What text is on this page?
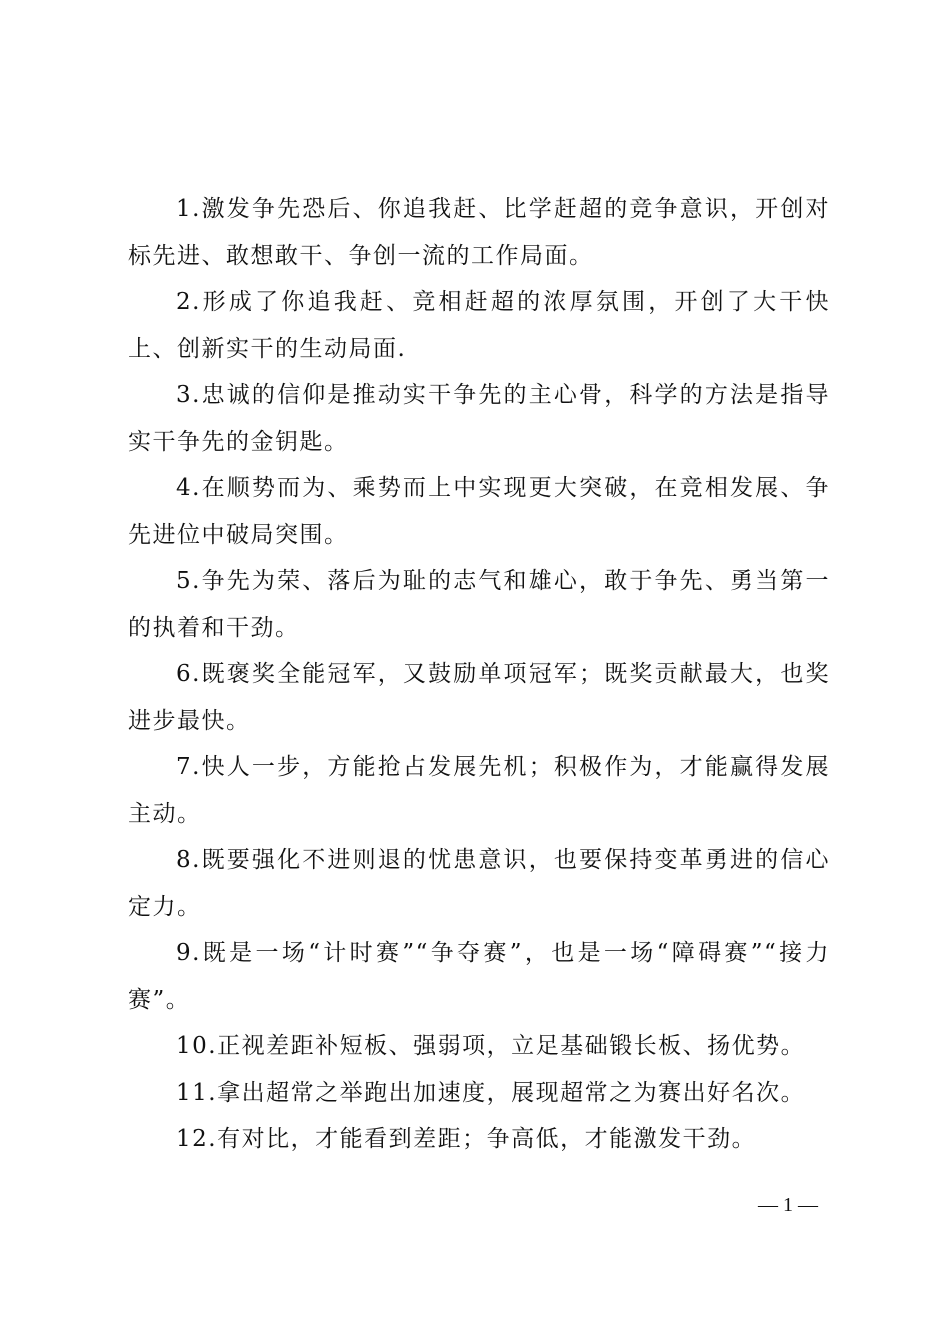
1.激发争先恐后、你追我赶、比学赶超的竞争意识，开创对标先进、敢想敢干、争创一流的工作局面。

2.形成了你追我赶、竞相赶超的浓厚氛围，开创了大干快上、创新实干的生动局面.

3.忠诚的信仰是推动实干争先的主心骨，科学的方法是指导实干争先的金钥匙。

4.在顺势而为、乘势而上中实现更大突破，在竞相发展、争先进位中破局突围。

5.争先为荣、落后为耻的志气和雄心，敢于争先、勇当第一的执着和干劲。

6.既褒奖全能冠军，又鼓励单项冠军；既奖贡献最大，也奖进步最快。

7.快人一步，方能抢占发展先机；积极作为，才能赢得发展主动。

8.既要强化不进则退的忧患意识，也要保持变革勇进的信心定力。

9.既是一场“计时赛”“争夺赛”，也是一场“障碍赛”“接力赛”。

10.正视差距补短板、强弱项，立足基础锻长板、扬优势。

11.拿出超常之举跑出加速度，展现超常之为赛出好名次。

12.有对比，才能看到差距；争高低，才能激发干劲。

— 1 —
